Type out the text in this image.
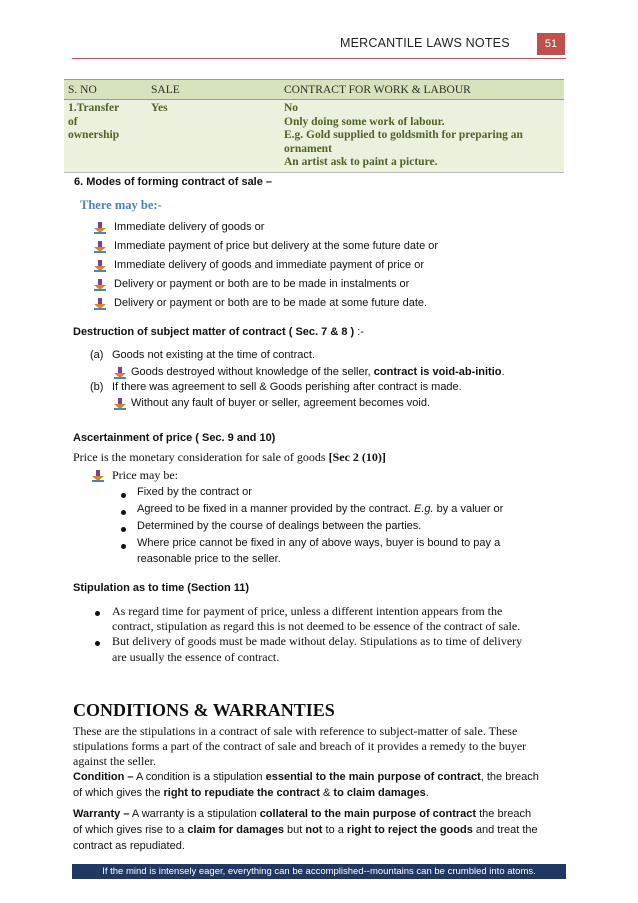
MERCANTILE LAWS NOTES	51
S. NO	SALE	CONTRACT FOR WORK & LABOUR

1.Transfer
of
ownership	Yes	No
Only doing some work of labour.
E.g. Gold supplied to goldsmith for preparing an
ornament
An artist ask to paint a picture.
6. Modes of forming contract of sale –
There may be:-
Immediate delivery of goods or
Immediate payment of price but delivery at the some future date or
Immediate delivery of goods and immediate payment of price or
Delivery or payment or both are to be made in instalments or
Delivery or payment or both are to be made at some future date.
Destruction of subject matter of contract ( Sec. 7 & 8 ) :-
(a) Goods not existing at the time of contract.
Goods destroyed without knowledge of the seller, contract is void-ab-initio.
(b) If there was agreement to sell & Goods perishing after contract is made.
Without any fault of buyer or seller, agreement becomes void.
Ascertainment of price ( Sec. 9 and 10)
Price is the monetary consideration for sale of goods [Sec 2 (10)]
Price may be:
Fixed by the contract or
Agreed to be fixed in a manner provided by the contract. E.g. by a valuer or
Determined by the course of dealings between the parties.
Where price cannot be fixed in any of above ways, buyer is bound to pay a
reasonable price to the seller.
Stipulation as to time (Section 11)
As regard time for payment of price, unless a different intention appears from the
contract, stipulation as regard this is not deemed to be essence of the contract of sale.
But delivery of goods must be made without delay. Stipulations as to time of delivery
are usually the essence of contract.
CONDITIONS & WARRANTIES
These are the stipulations in a contract of sale with reference to subject-matter of sale. These
stipulations forms a part of the contract of sale and breach of it provides a remedy to the buyer
against the seller.
Condition – A condition is a stipulation essential to the main purpose of contract, the breach
of which gives the right to repudiate the contract & to claim damages.
Warranty – A warranty is a stipulation collateral to the main purpose of contract the breach
of which gives rise to a claim for damages but not to a right to reject the goods and treat the
contract as repudiated.
If the mind is intensely eager, everything can be accomplished--mountains can be crumbled into atoms.
